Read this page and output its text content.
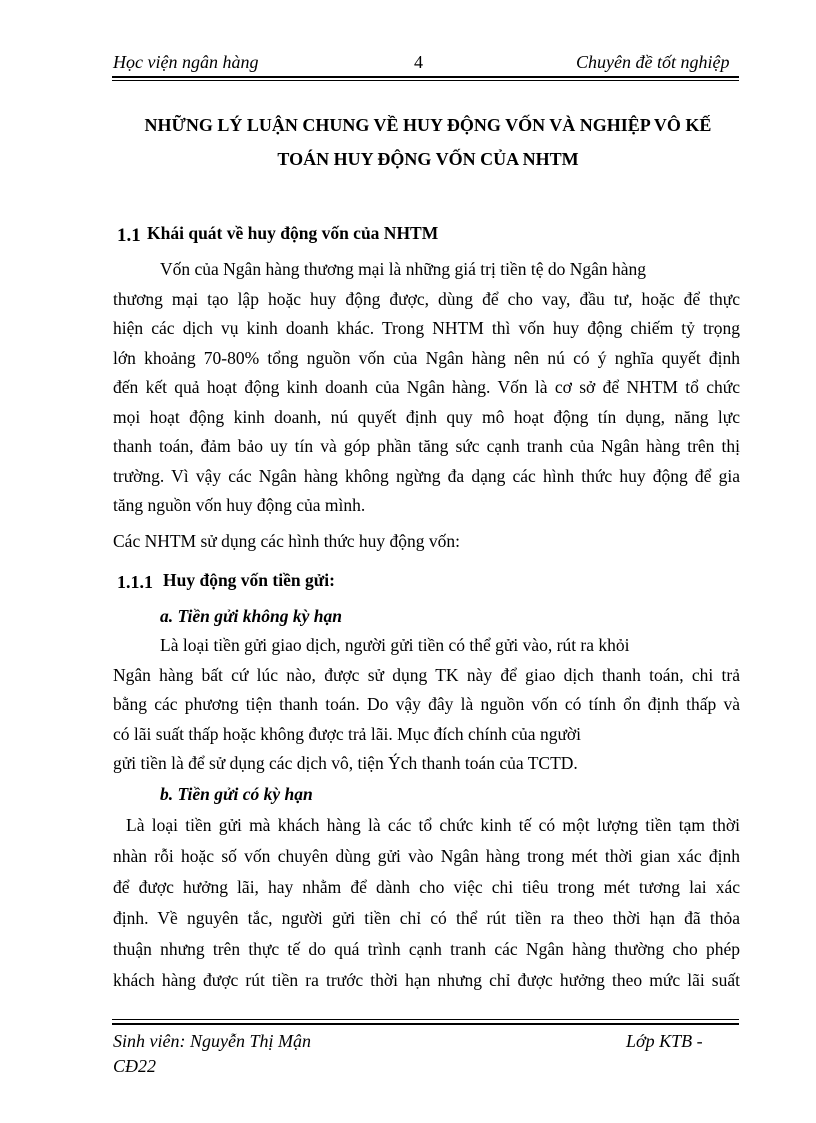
Học viện ngân hàng	4	Chuyên đề tốt nghiệp
NHỮNG LÝ LUẬN CHUNG VỀ HUY ĐỘNG VỐN VÀ NGHIỆP VÔ KẾ
TOÁN HUY ĐỘNG VỐN CỦA NHTM
1.1 Khái quát về huy động vốn của NHTM
Vốn của Ngân hàng thương mại là những giá trị tiền tệ do Ngân hàng
thương mại tạo lập hoặc huy động được, dùng để cho vay, đầu tư, hoặc để thực
hiện các dịch vụ kinh doanh khác. Trong NHTM thì vốn huy động chiếm tỷ trọng
lớn khoảng 70-80% tổng nguồn vốn của Ngân hàng nên nú có ý nghĩa quyết định
đến kết quả hoạt động kinh doanh của Ngân hàng. Vốn là cơ sở để NHTM tổ chức
mọi hoạt động kinh doanh, nú quyết định quy mô hoạt động tín dụng, năng lực
thanh toán, đảm bảo uy tín và góp phần tăng sức cạnh tranh của Ngân hàng trên thị
trường. Vì vậy các Ngân hàng không ngừng đa dạng các hình thức huy động để gia
tăng nguồn vốn huy động của mình.
Các NHTM sử dụng các hình thức huy động vốn:
1.1.1 Huy động vốn tiền gửi:
a. Tiền gửi không kỳ hạn
Là loại tiền gửi giao dịch, người gửi tiền có thể gửi vào, rút ra khỏi
Ngân hàng bất cứ lúc nào, được sử dụng TK này để giao dịch thanh toán, chi trả
bằng các phương tiện thanh toán. Do vậy đây là nguồn vốn có tính ổn định thấp và
có lãi suất thấp hoặc không được trả lãi. Mục đích chính của người
gửi tiền là để sử dụng các dịch vô, tiện Ých thanh toán của TCTD.
b. Tiền gửi có kỳ hạn
Là loại tiền gửi mà khách hàng là các tổ chức kinh tế có một lượng tiền tạm thời
nhàn rỗi hoặc số vốn chuyên dùng gửi vào Ngân hàng trong mét thời gian xác định
để được hưởng lãi, hay nhằm để dành cho việc chi tiêu trong mét tương lai xác
định. Về nguyên tắc, người gửi tiền chỉ có thể rút tiền ra theo thời hạn đã thỏa
thuận nhưng trên thực tế do quá trình cạnh tranh các Ngân hàng thường cho phép
khách hàng được rút tiền ra trước thời hạn nhưng chỉ được hưởng theo mức lãi suất
Sinh viên: Nguyễn Thị Mận	Lớp KTB -
CĐ22
